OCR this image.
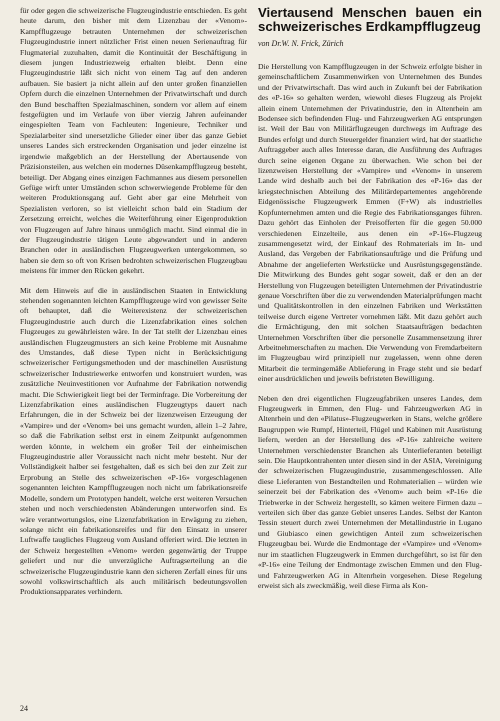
für oder gegen die schweizerische Flugzeugindustrie entschieden. Es geht heute darum, den bisher mit dem Lizenzbau der «Venom»-Kampfflugzeuge betrauten Unternehmen der schweizerischen Flugzeugindustrie innert nützlicher Frist einen neuen Serienauftrag für Flugmaterial zuzuhalten, damit die Kontinuität der Beschäftigung in diesem jungen Industriezweig erhalten bleibt. Denn eine Flugzeugindustrie läßt sich nicht von einem Tag auf den anderen aufbauen. Sie basiert ja nicht allein auf den unter großen finanziellen Opfern durch die einzelnen Unternehmen der Privatwirtschaft und durch den Bund beschafften Spezialmaschinen, sondern vor allem auf einem festgefügten und im Verlaufe von über vierzig Jahren aufeinander eingespielten Team von Fachleuten: Ingenieure, Techniker und Spezialarbeiter sind unersetzliche Glieder einer über das ganze Gebiet unseres Landes sich erstreckenden Organisation und jeder einzelne ist irgendwie maßgeblich an der Herstellung der Abertausende von Präzisionsteilen, aus welchen ein modernes Düsenkampfflugzeug besteht, beteiligt. Der Abgang eines einzigen Fachmannes aus diesem personellen Gefüge wirft unter Umständen schon schwerwiegende Probleme für den weiteren Produktionsgang auf. Geht aber gar eine Mehrheit von Spezialisten verloren, so ist vielleicht schon bald ein Stadium der Zersetzung erreicht, welches die Weiterführung einer Eigenproduktion von Flugzeugen auf Jahre hinaus unmöglich macht. Sind einmal die in der Flugzeugindustrie tätigen Leute abgewandert und in anderen Branchen oder in ausländischen Flugzeugwerken untergekommen, so haben sie dem so oft von Krisen bedrohten schweizerischen Flugzeugbau meistens für immer den Rücken gekehrt.

Mit dem Hinweis auf die in ausländischen Staaten in Entwicklung stehenden sogenannten leichten Kampfflugzeuge wird von gewisser Seite oft behauptet, daß die Weiterexistenz der schweizerischen Flugzeugindustrie auch durch die Lizenzfabrikation eines solchen Flugzeuges zu gewährleisten wäre. In der Tat stellt der Lizenzbau eines ausländischen Flugzeugmusters an sich keine Probleme mit Ausnahme des Umstandes, daß diese Typen nicht in Berücksichtigung schweizerischer Fertigungsmethoden und der maschinellen Ausrüstung schweizerischer Industriewerke entworfen und konstruiert wurden, was zusätzliche Neuinvestitionen vor Aufnahme der Fabrikation notwendig macht. Die Schwierigkeit liegt bei der Terminfrage. Die Vorbereitung der Lizenzfabrikation eines ausländischen Flugzeugtyps dauert nach Erfahrungen, die in der Schweiz bei der lizenzweisen Erzeugung der «Vampire» und der «Venom» bei uns gemacht wurden, allein 1–2 Jahre, so daß die Fabrikation selbst erst in einem Zeitpunkt aufgenommen werden könnte, in welchem ein großer Teil der einheimischen Flugzeugindustrie aller Voraussicht nach nicht mehr besteht. Nur der Vollständigkeit halber sei festgehalten, daß es sich bei den zur Zeit zur Erprobung an Stelle des schweizerischen «P-16» vorgeschlagenen sogenannten leichten Kampfflugzeugen noch nicht um fabrikationsreife Modelle, sondern um Prototypen handelt, welche erst weiteren Versuchen stehen und noch verschiedensten Abänderungen unterworfen sind. Es wäre verantwortungslos, eine Lizenzfabrikation in Erwägung zu ziehen, solange nicht ein fabrikationsreifes und für den Einsatz in unserer Luftwaffe taugliches Flugzeug vom Ausland offeriert wird. Die letzten in der Schweiz hergestellten «Venom» werden gegenwärtig der Truppe geliefert und nur die unverzügliche Auftragserteilung an die schweizerische Flugzeugindustrie kann den sicheren Zerfall eines für uns sowohl volkswirtschaftlich als auch militärisch bedeutungsvollen Produktionsapparates verhindern.

Viertausend Menschen bauen ein schweizerisches Erdkampfflugzeug

von Dr.W. N. Frick, Zürich

Die Herstellung von Kampfflugzeugen in der Schweiz erfolgte bisher in gemeinschaftlichem Zusammenwirken von Unternehmen des Bundes und der Privatwirtschaft. Das wird auch in Zukunft bei der Fabrikation des «P-16» so gehalten werden, wiewohl dieses Flugzeug als Projekt allein einem Unternehmen der Privatindustrie, den in Altenrhein am Bodensee sich befindenden Flug- und Fahrzeugwerken AG entsprungen ist. Weil der Bau von Militärflugzeugen durchwegs im Auftrage des Bundes erfolgt und durch Steuergelder finanziert wird, hat der staatliche Auftraggeber auch alles Interesse daran, die Ausführung des Auftrages durch seine eigenen Organe zu überwachen. Wie schon bei der lizenzweisen Herstellung der «Vampire» und «Venom» in unserem Lande wird deshalb auch bei der Fabrikation des «P-16» das der kriegstechnischen Abteilung des Militärdepartementes angehörende Eidgenössische Flugzeugwerk Emmen (F+W) als industrielles Kopfunternehmen amten und die Regie des Fabrikationsganges führen. Dazu gehört das Einholen der Preisofferten für die gegen 50.000 verschiedenen Einzelteile, aus denen ein «P-16»-Flugzeug zusammengesetzt wird, der Einkauf des Rohmaterials im In- und Ausland, das Vergeben der Fabrikationsaufträge und die Prüfung und Abnahme der angelieferten Werkstücke und Ausrüstungsgegenstände. Die Mitwirkung des Bundes geht sogar soweit, daß er den an der Herstellung von Flugzeugen beteiligten Unternehmen der Privatindustrie genaue Vorschriften über die zu verwendenden Materialprüfungen macht und Qualitätskontrollen in den einzelnen Fabriken und Werkstätten teilweise durch eigene Vertreter vornehmen läßt. Mit dazu gehört auch die Ermächtigung, den mit solchen Staatsaufträgen bedachten Unternehmen Vorschriften über die personelle Zusammensetzung ihrer Arbeitnehmerschaften zu machen. Die Verwendung von Fremdarbeitern im Flugzeugbau wird prinzipiell nur zugelassen, wenn ohne deren Mitarbeit die termingemäße Ablieferung in Frage steht und sie bedarf einer ausdrücklichen und jeweils befristeten Bewilligung.

Neben den drei eigentlichen Flugzeugfabriken unseres Landes, dem Flugzeugwerk in Emmen, den Flug- und Fahrzeugwerken AG in Altenrhein und den «Pilatus»-Flugzeugwerken in Stans, welche größere Baugruppen wie Rumpf, Hinterteil, Flügel und Kabinen mit Ausrüstung liefern, werden an der Herstellung des «P-16» zahlreiche weitere Unternehmen verschiedenster Branchen als Unterlieferanten beteiligt sein. Die Hauptkontrahenten unter diesen sind in der ASIA, Vereinigung der schweizerischen Flugzeugindustrie, zusammengeschlossen. Alle diese Lieferanten von Bestandteilen und Rohmaterialien – würden wie seinerzeit bei der Fabrikation des «Venom» auch beim «P-16» die Triebwerke in der Schweiz hergestellt, so kämen weitere Firmen dazu – verteilen sich über das ganze Gebiet unseres Landes. Selbst der Kanton Tessin steuert durch zwei Unternehmen der Metallindustrie in Lugano und Giubiasco einen gewichtigen Anteil zum schweizerischen Flugzeugbau bei. Wurde die Endmontage der «Vampire» und «Venom» nur im staatlichen Flugzeugwerk in Emmen durchgeführt, so ist für den «P-16» eine Teilung der Endmontage zwischen Emmen und den Flug- und Fahrzeugwerken AG in Altenrhein vorgesehen. Diese Regelung erweist sich als zweckmäßig, weil diese Firma als Kon-

24
